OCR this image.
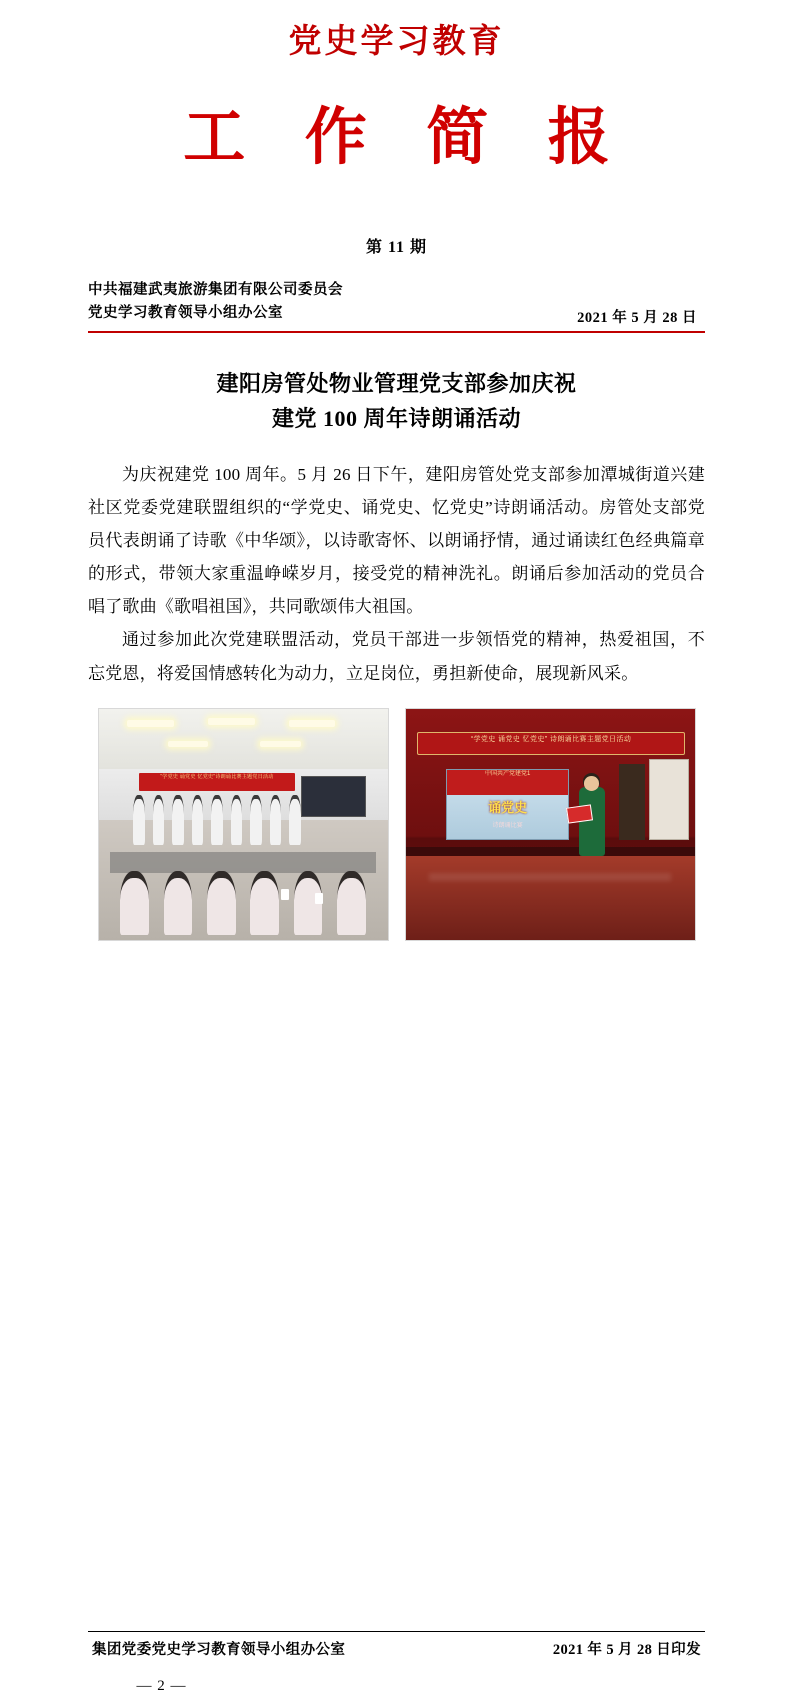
党史学习教育
工 作 简 报
第 11 期
中共福建武夷旅游集团有限公司委员会
党史学习教育领导小组办公室	2021 年 5 月 28 日
建阳房管处物业管理党支部参加庆祝
建党 100 周年诗朗诵活动

为庆祝建党 100 周年。5 月 26 日下午，建阳房管处党支部参加潭城街道兴建社区党委党建联盟组织的“学党史、诵党史、忆党史”诗朗诵活动。房管处支部党员代表朗诵了诗歌《中华颂》，以诗歌寄怀、以朗诵抒情，通过诵读红色经典篇章的形式，带领大家重温峥嵘岁月，接受党的精神洗礼。朗诵后参加活动的党员合唱了歌曲《歌唱祖国》，共同歌颂伟大祖国。

通过参加此次党建联盟活动，党员干部进一步领悟党的精神，热爱祖国，不忘党恩，将爱国情感转化为动力，立足岗位，勇担新使命，展现新风采。

“学党史 诵党史 忆党史”诗朗诵比赛主题党日活动
“学党史 诵党史 忆党史” 诗朗诵比赛主题党日活动
中国共产党建党1
诵党史
诗朗诵比赛
集团党委党史学习教育领导小组办公室	2021 年 5 月 28 日印发
— 2 —
